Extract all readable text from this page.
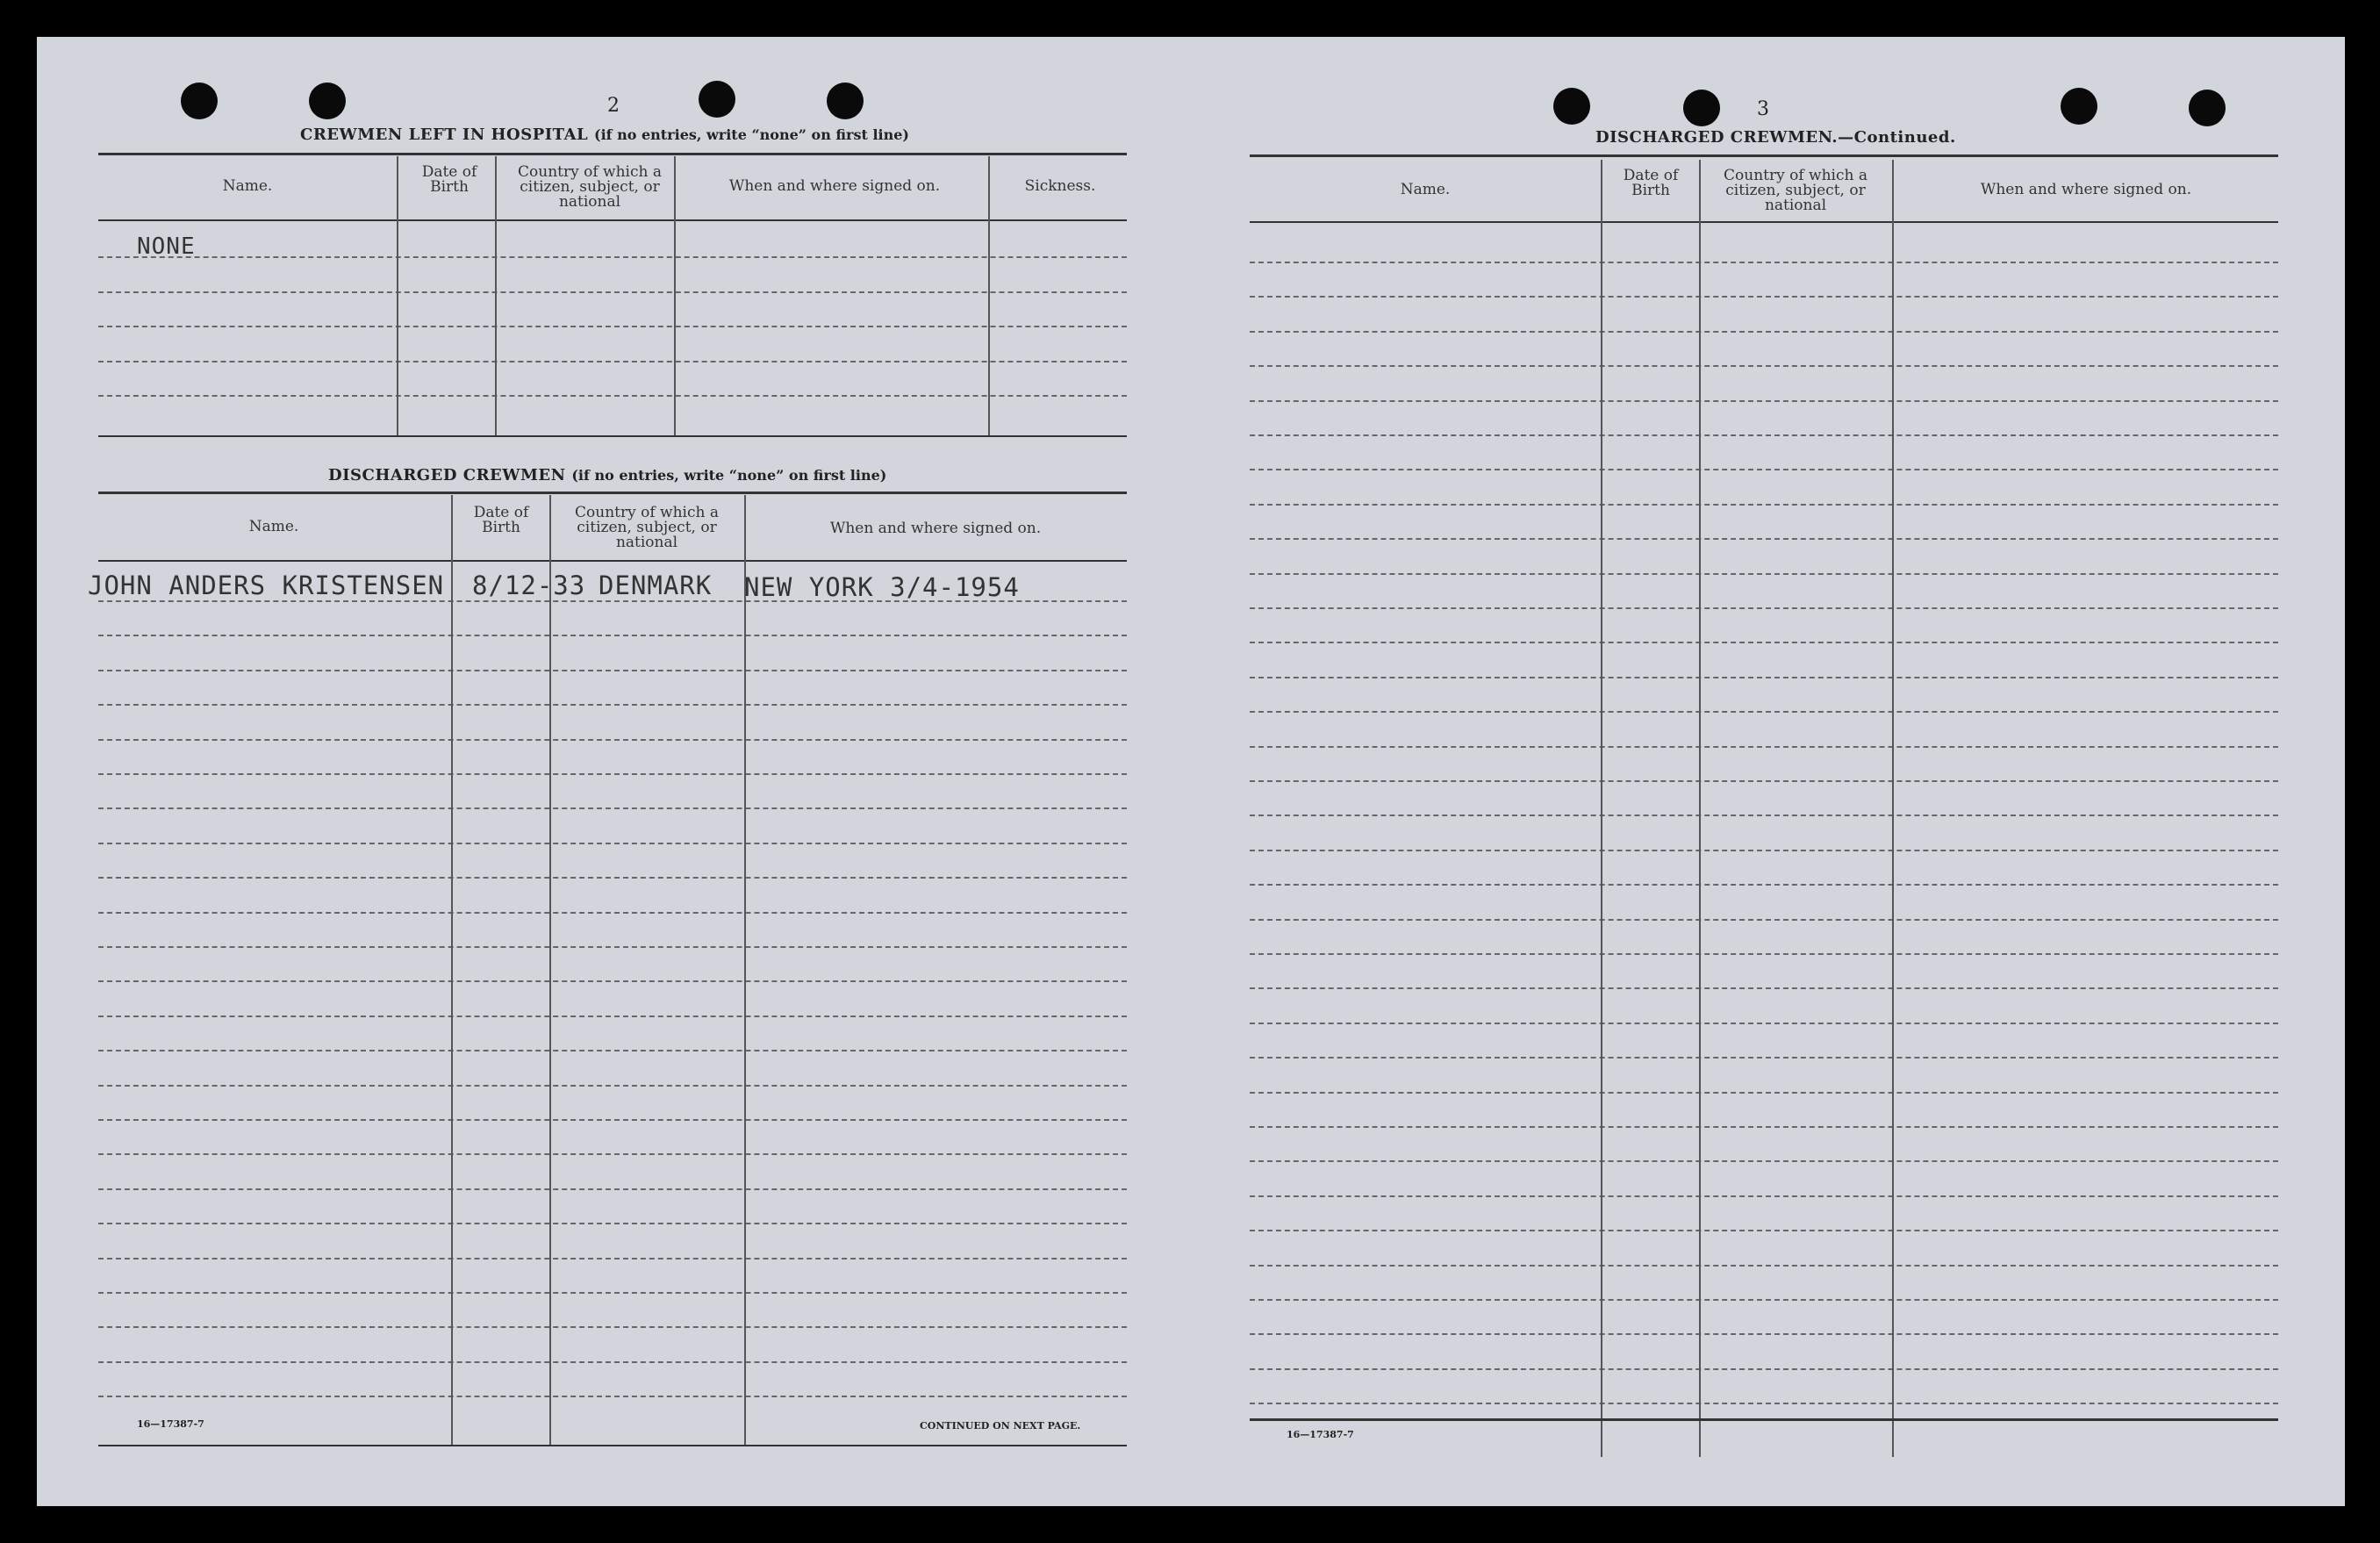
2
CREWMEN LEFT IN HOSPITAL (if no entries, write “none” on first line)
Name.
Date of Birth
Country of which a citizen, subject, or national
When and where signed on.	Sickness.
NONE
DISCHARGED CREWMEN (if no entries, write “none” on first line)
Name.
Date of Birth
Country of which a citizen, subject, or national
When and where signed on.
JOHN ANDERS KRISTENSEN 8/12-33 DENMARK NEW YORK 3/4-1954
16—17387-7	CONTINUED ON NEXT PAGE.
3
DISCHARGED CREWMEN.—Continued.
Name.
Date of Birth
Country of which a citizen, subject, or national
When and where signed on.
16—17387-7
